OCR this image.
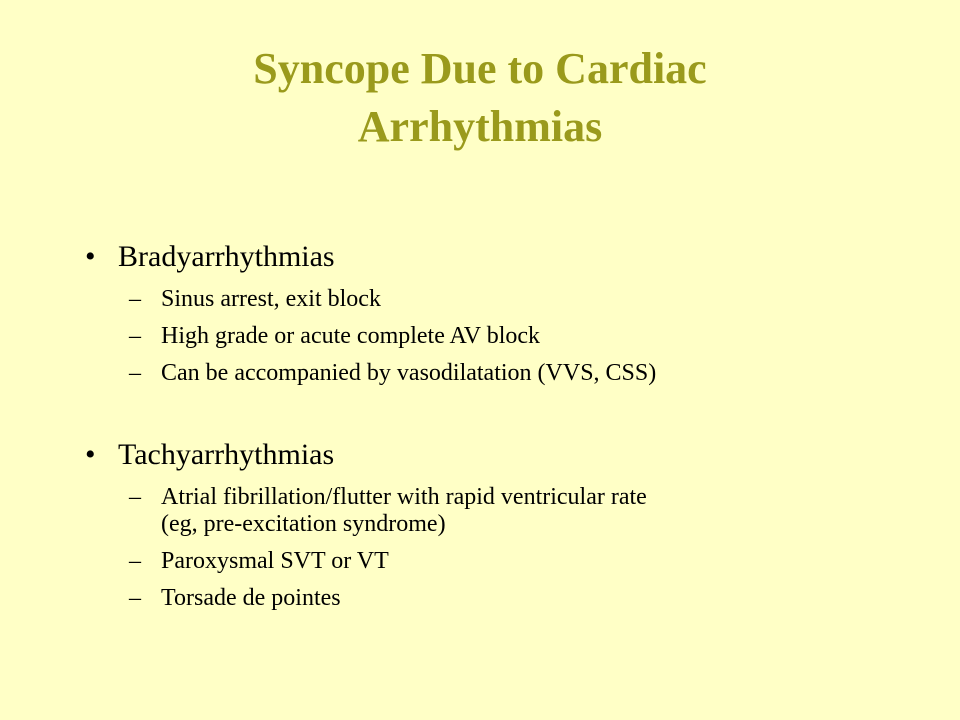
Syncope Due to Cardiac
Arrhythmias
• Bradyarrhythmias
– Sinus arrest, exit block
– High grade or acute complete AV block
– Can be accompanied by vasodilatation (VVS, CSS)
• Tachyarrhythmias
– Atrial fibrillation/flutter with rapid ventricular rate
(eg, pre-excitation syndrome)
– Paroxysmal SVT or VT
– Torsade de pointes
